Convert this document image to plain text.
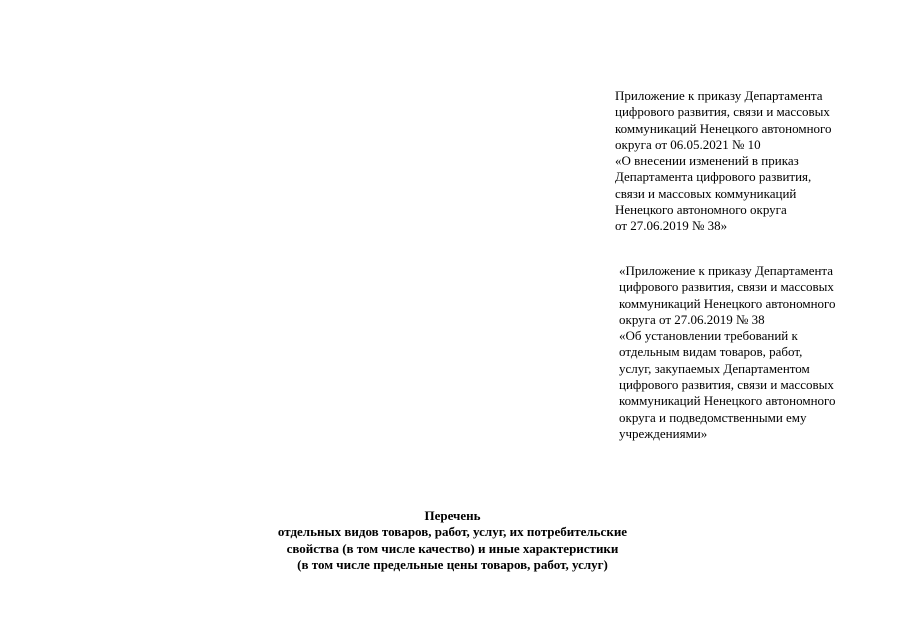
Приложение к приказу Департамента
цифрового развития, связи и массовых
коммуникаций Ненецкого автономного
округа от 06.05.2021 № 10
«О внесении изменений в приказ
Департамента цифрового развития,
связи и массовых коммуникаций
Ненецкого автономного округа
от 27.06.2019 № 38»
«Приложение к приказу Департамента
цифрового развития, связи и массовых
коммуникаций Ненецкого автономного
округа от 27.06.2019 № 38
«Об установлении требований к
отдельным видам товаров, работ,
услуг, закупаемых Департаментом
цифрового развития, связи и массовых
коммуникаций Ненецкого автономного
округа и подведомственными ему
учреждениями»
Перечень
отдельных видов товаров, работ, услуг, их потребительские
свойства (в том числе качество) и иные характеристики
(в том числе предельные цены товаров, работ, услуг)
